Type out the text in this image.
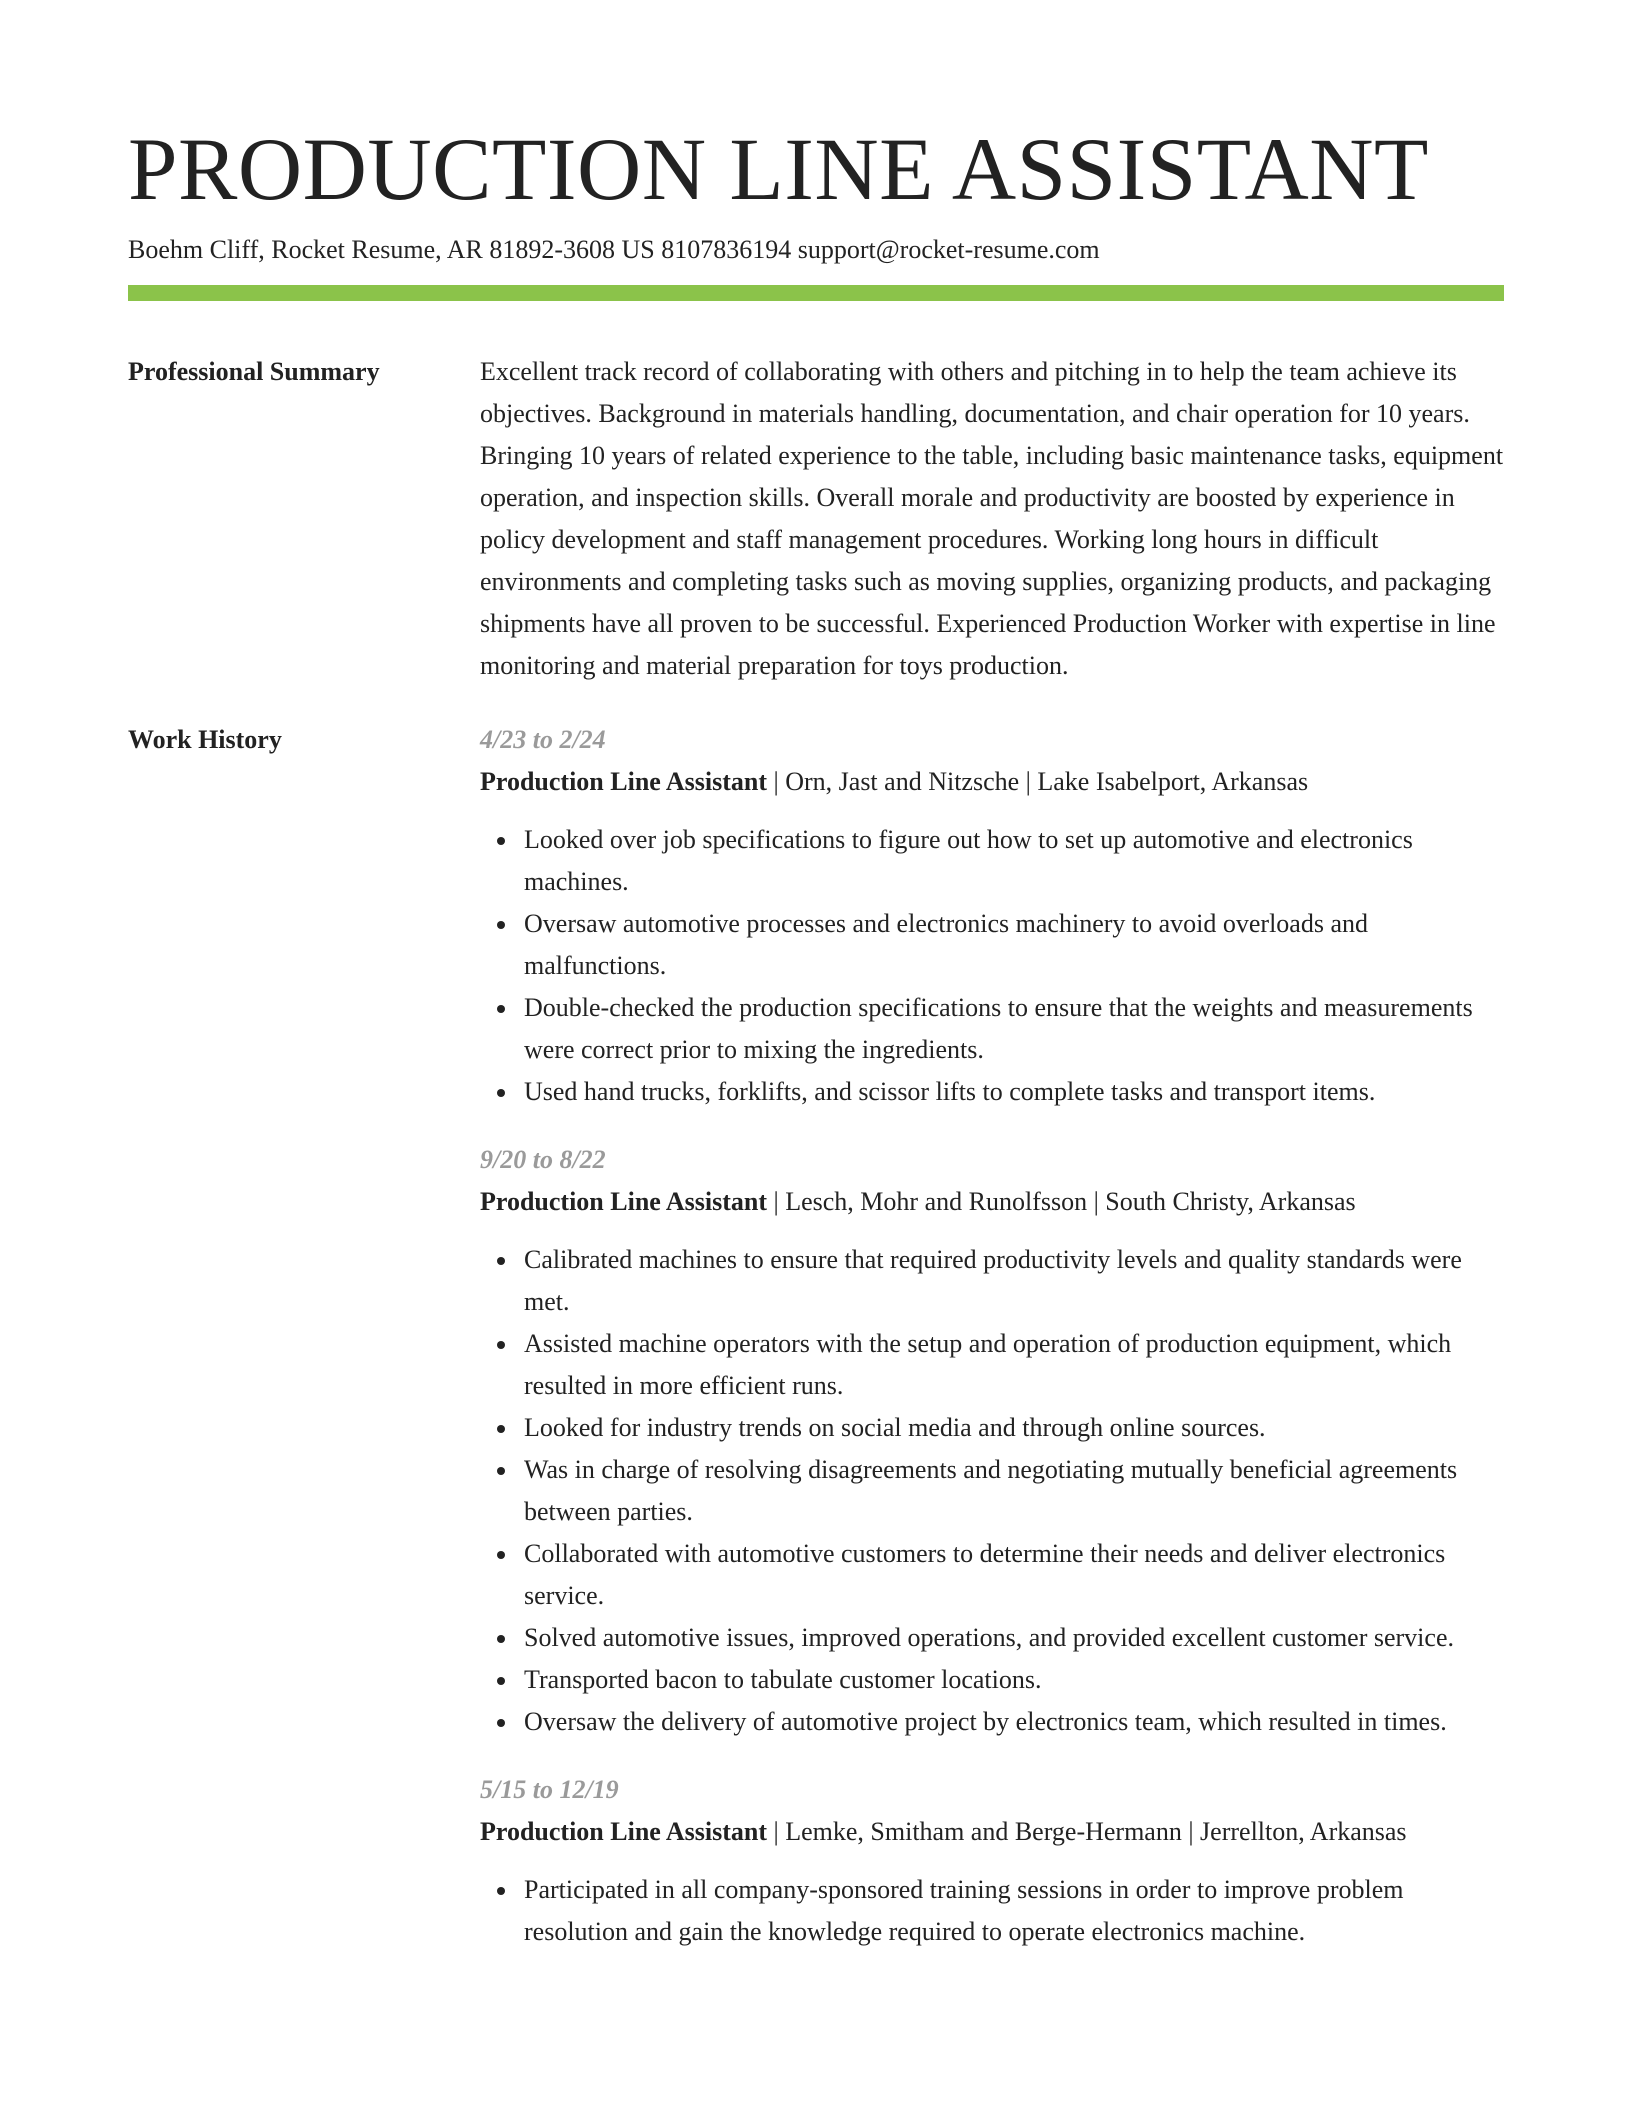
PRODUCTION LINE ASSISTANT
Boehm Cliff, Rocket Resume, AR 81892-3608 US 8107836194 support@rocket-resume.com
Professional Summary	Excellent track record of collaborating with others and pitching in to help the team achieve its objectives. Background in materials handling, documentation, and chair operation for 10 years. Bringing 10 years of related experience to the table, including basic maintenance tasks, equipment operation, and inspection skills. Overall morale and productivity are boosted by experience in policy development and staff management procedures. Working long hours in difficult environments and completing tasks such as moving supplies, organizing products, and packaging shipments have all proven to be successful. Experienced Production Worker with expertise in line monitoring and material preparation for toys production.

Work History	4/23 to 2/24
Production Line Assistant | Orn, Jast and Nitzsche | Lake Isabelport, Arkansas
Looked over job specifications to figure out how to set up automotive and electronics machines.
Oversaw automotive processes and electronics machinery to avoid overloads and malfunctions.
Double-checked the production specifications to ensure that the weights and measurements were correct prior to mixing the ingredients.
Used hand trucks, forklifts, and scissor lifts to complete tasks and transport items.
9/20 to 8/22
Production Line Assistant | Lesch, Mohr and Runolfsson | South Christy, Arkansas
Calibrated machines to ensure that required productivity levels and quality standards were met.
Assisted machine operators with the setup and operation of production equipment, which resulted in more efficient runs.
Looked for industry trends on social media and through online sources.
Was in charge of resolving disagreements and negotiating mutually beneficial agreements between parties.
Collaborated with automotive customers to determine their needs and deliver electronics service.
Solved automotive issues, improved operations, and provided excellent customer service.
Transported bacon to tabulate customer locations.
Oversaw the delivery of automotive project by electronics team, which resulted in times.
5/15 to 12/19
Production Line Assistant | Lemke, Smitham and Berge-Hermann | Jerrellton, Arkansas
Participated in all company-sponsored training sessions in order to improve problem resolution and gain the knowledge required to operate electronics machine.
